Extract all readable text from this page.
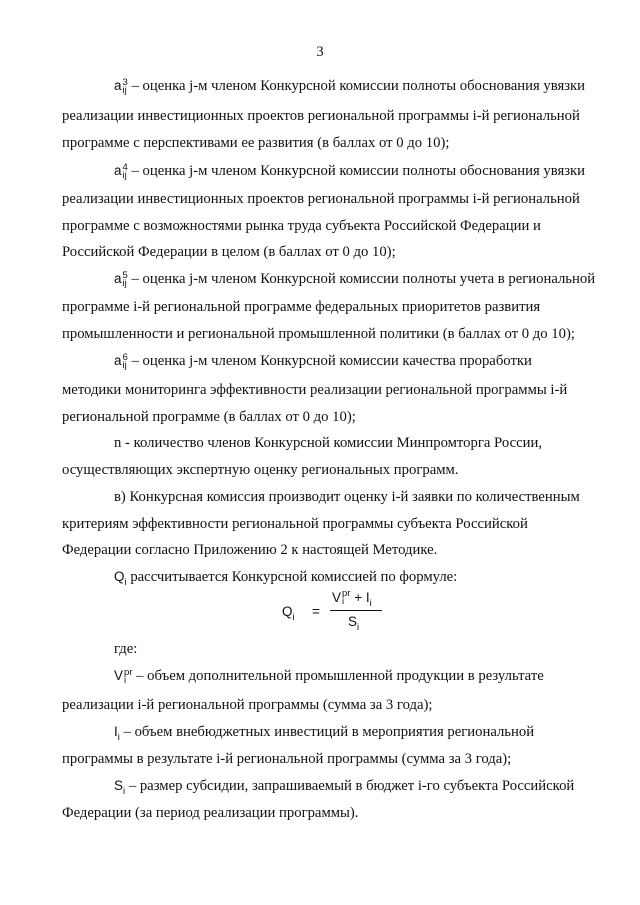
3
a 3
ij – оценка j-м членом Конкурсной комиссии полноты обоснования увязки
реализации инвестиционных проектов региональной программы i-й региональной
программе с перспективами ее развития (в баллах от 0 до 10);
a 4
ij – оценка j-м членом Конкурсной комиссии полноты обоснования увязки
реализации инвестиционных проектов региональной программы i-й региональной
программе с возможностями рынка труда субъекта Российской Федерации и
Российской Федерации в целом (в баллах от 0 до 10);
a 5
ij – оценка j-м членом Конкурсной комиссии полноты учета в региональной
программе i-й региональной программе федеральных приоритетов развития
промышленности и региональной промышленной политики (в баллах от 0 до 10);
a 6
ij – оценка j-м членом Конкурсной комиссии качества проработки
методики мониторинга эффективности реализации региональной программы i-й
региональной программе (в баллах от 0 до 10);
n - количество членов Конкурсной комиссии Минпромторга России,
осуществляющих экспертную оценку региональных программ.
в) Конкурсная комиссия производит оценку i-й заявки по количественным
критериям эффективности региональной программы субъекта Российской
Федерации согласно Приложению 2 к настоящей Методике.
$Q_i$ рассчитывается Конкурсной комиссией по формуле:
$Q_i$ =
V pr
$i + I_i$
$S_i$
где:
V pr
i – объем дополнительной промышленной продукции в результате
реализации i-й региональной программы (сумма за 3 года);
$I_i$ – объем внебюджетных инвестиций в мероприятия региональной
программы в результате i-й региональной программы (сумма за 3 года);
$S_i$ – размер субсидии, запрашиваемый в бюджет i-го субъекта Российской
Федерации (за период реализации программы).
